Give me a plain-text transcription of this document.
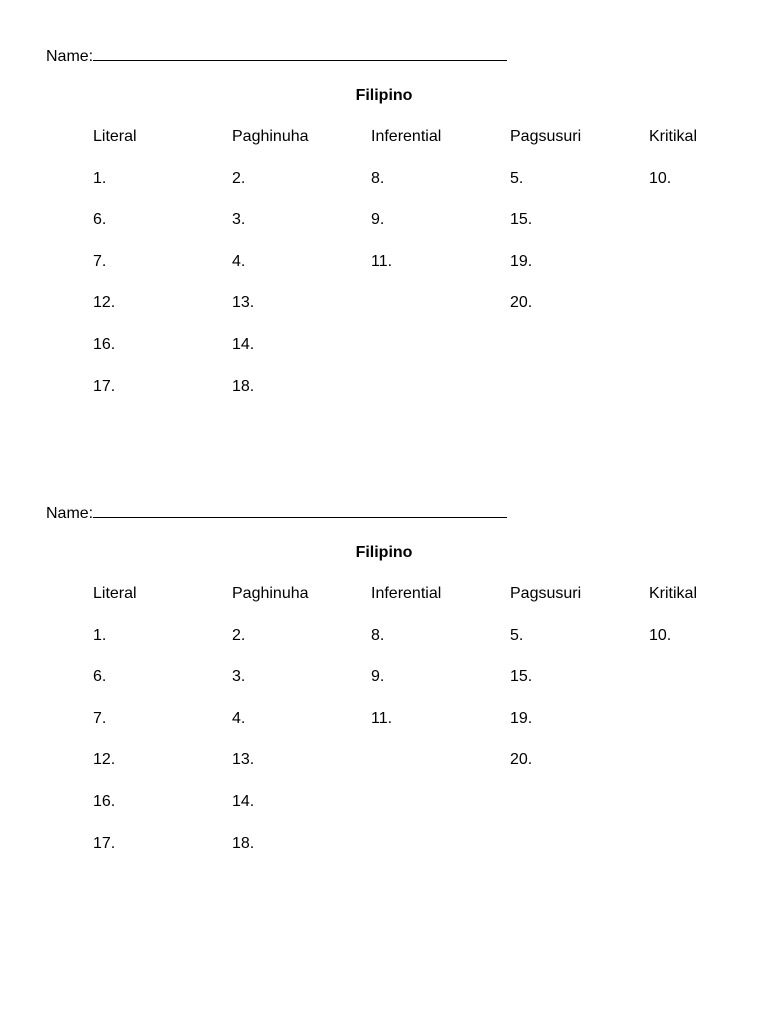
Name:
Filipino
Literal
1.
6.
7.
12.
16.
17.
Paghinuha
2.
3.
4.
13.
14.
18.
Inferential
8.
9.
11.
Pagsusuri
5.
15.
19.
20.
Kritikal
10.
Name:
Filipino
Literal
1.
6.
7.
12.
16.
17.
Paghinuha
2.
3.
4.
13.
14.
18.
Inferential
8.
9.
11.
Pagsusuri
5.
15.
19.
20.
Kritikal
10.
